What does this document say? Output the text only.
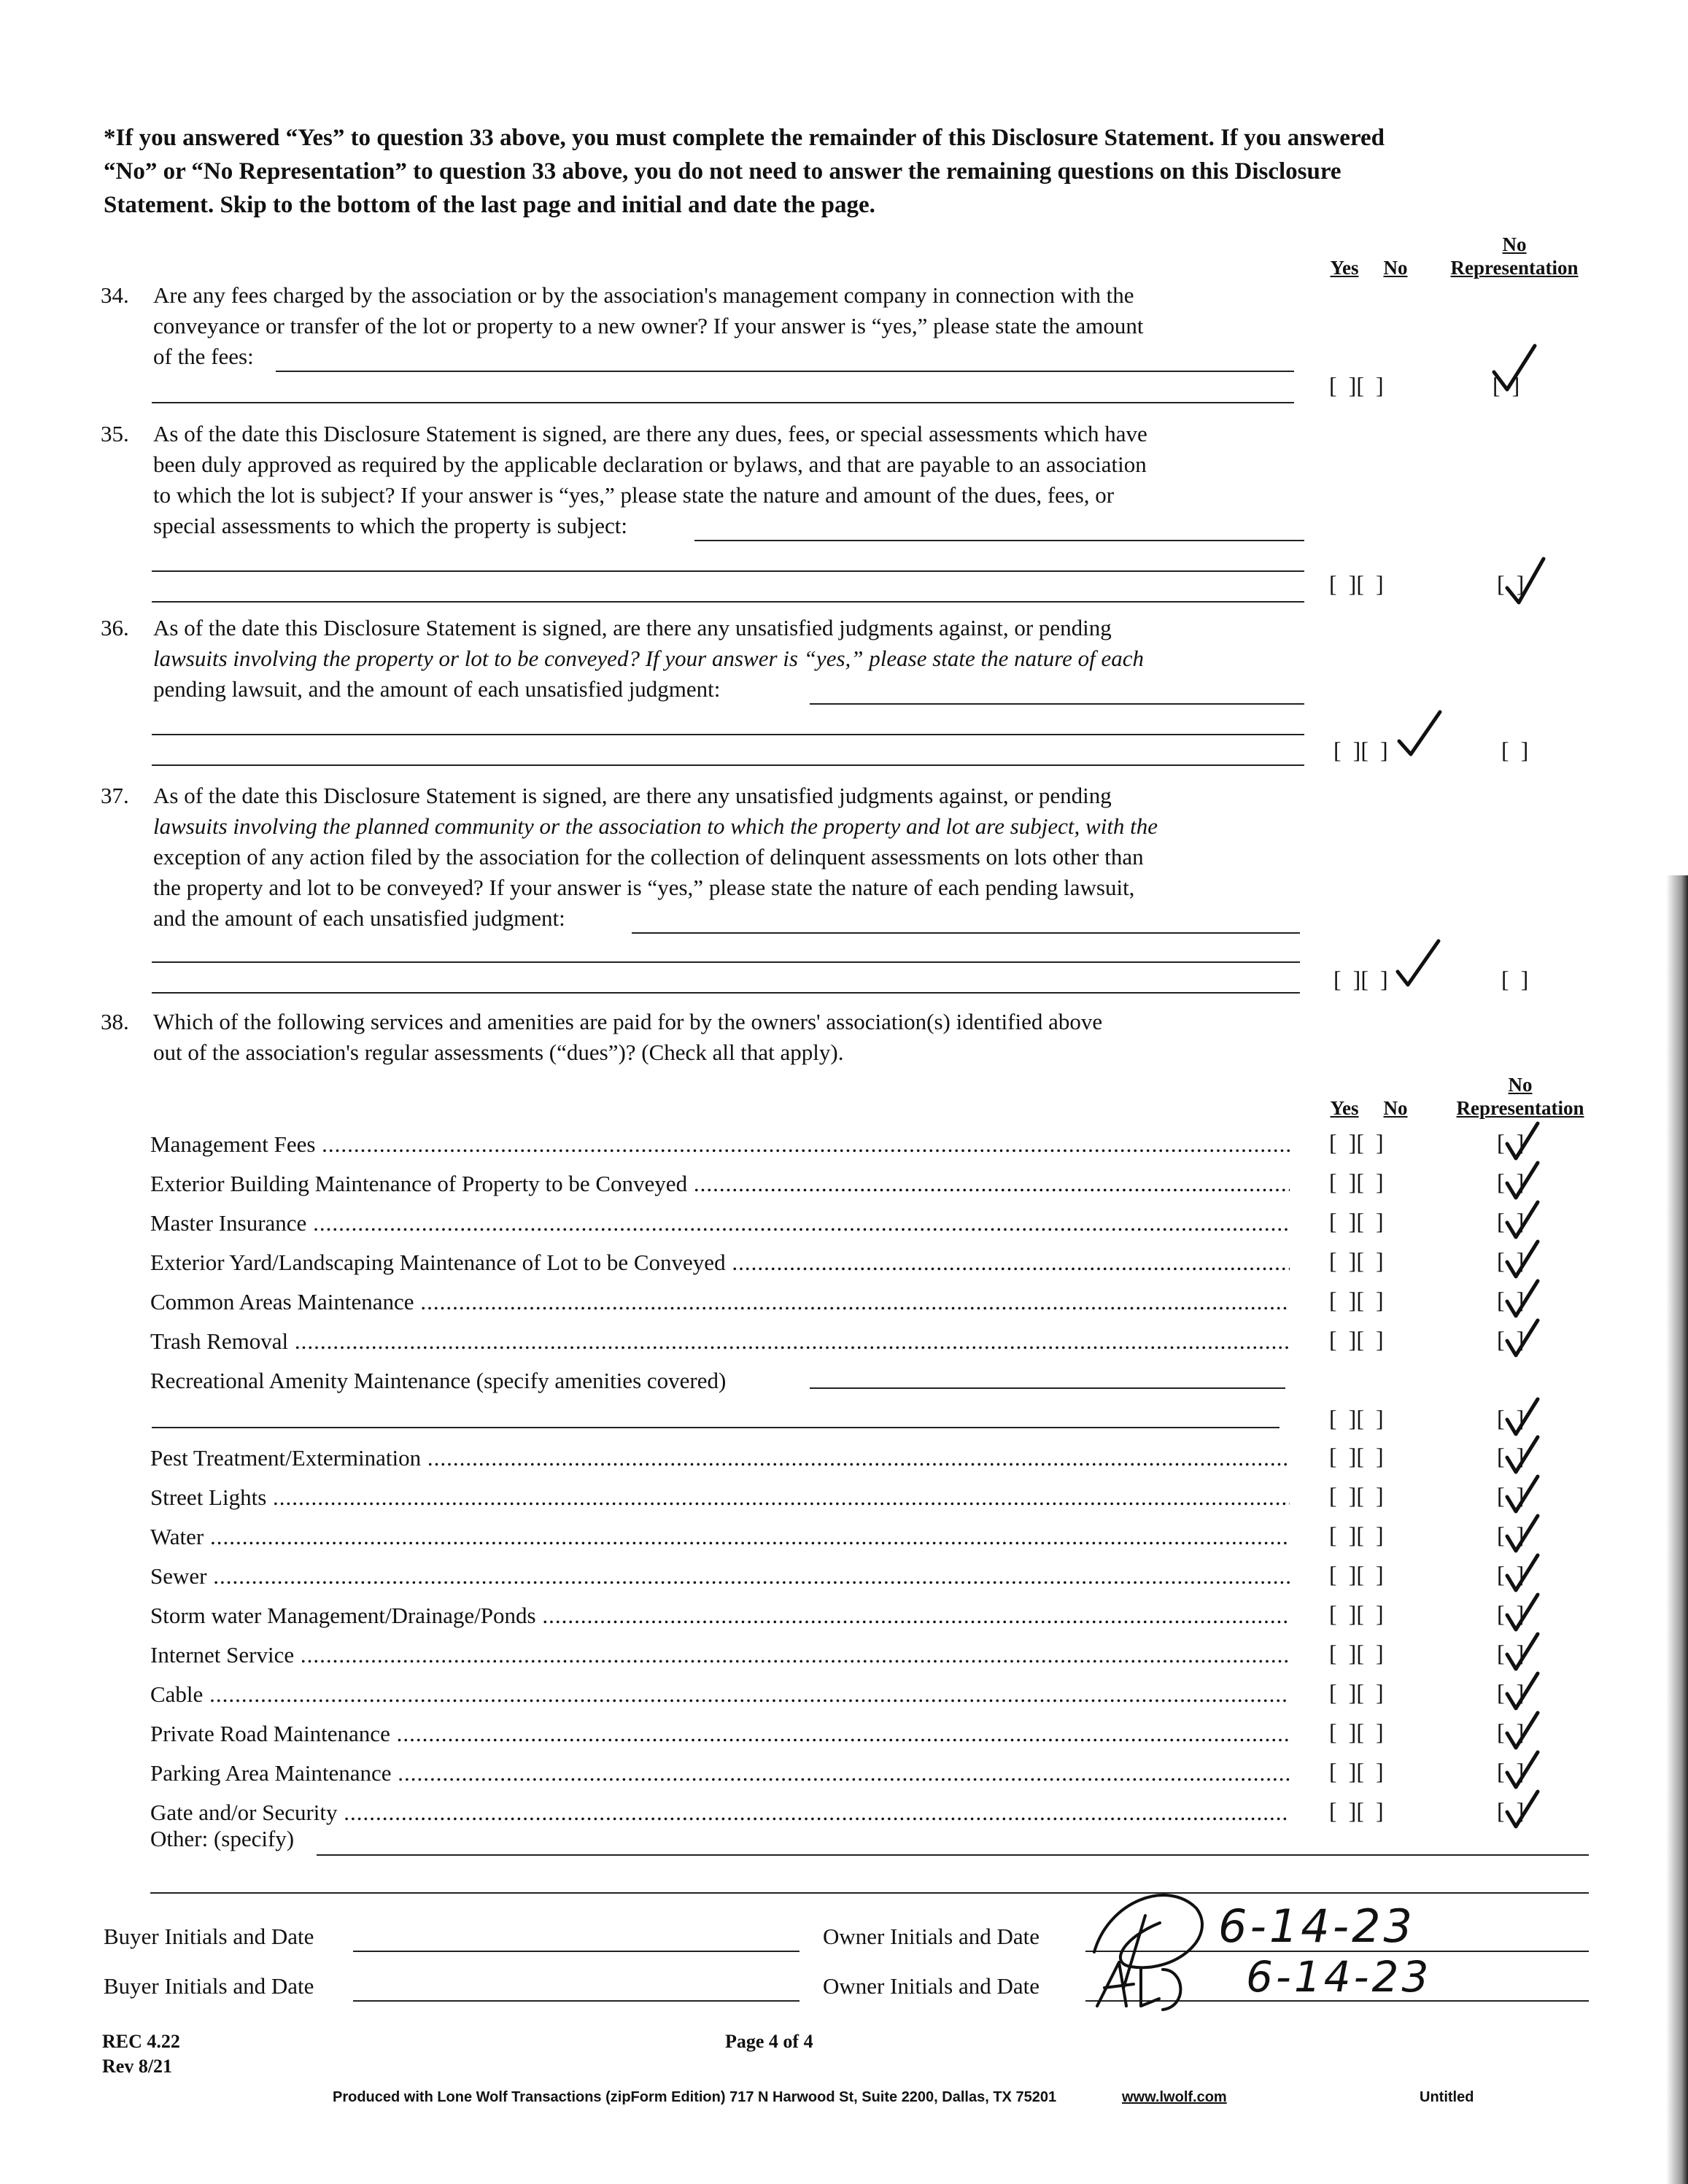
*If you answered “Yes” to question 33 above, you must complete the remainder of this Disclosure Statement. If you answered

“No” or “No Representation” to question 33 above, you do not need to answer the remaining questions on this Disclosure

Statement. Skip to the bottom of the last page and initial and date the page.

Yes	No
No
Representation
34.	Are any fees charged by the association or by the association's management company in connection with the
conveyance or transfer of the lot or property to a new owner? If your answer is “yes,” please state the amount
of the fees:
[  ][  ]	[  ]
35.	As of the date this Disclosure Statement is signed, are there any dues, fees, or special assessments which have
been duly approved as required by the applicable declaration or bylaws, and that are payable to an association
to which the lot is subject? If your answer is “yes,” please state the nature and amount of the dues, fees, or
special assessments to which the property is subject:
[  ][  ]	[  ]
36.	As of the date this Disclosure Statement is signed, are there any unsatisfied judgments against, or pending
lawsuits involving the property or lot to be conveyed? If your answer is “yes,” please state the nature of each
pending lawsuit, and the amount of each unsatisfied judgment:
[  ][  ]	[  ]
37.	As of the date this Disclosure Statement is signed, are there any unsatisfied judgments against, or pending
lawsuits involving the planned community or the association to which the property and lot are subject, with the
exception of any action filed by the association for the collection of delinquent assessments on lots other than
the property and lot to be conveyed? If your answer is “yes,” please state the nature of each pending lawsuit,
and the amount of each unsatisfied judgment:
[  ][  ]	[  ]
38.	Which of the following services and amenities are paid for by the owners' association(s) identified above
out of the association's regular assessments (“dues”)? (Check all that apply).
Yes	No
No
Representation
Management Fees .....	[  ][  ]	[  ]
Exterior Building Maintenance of Property to be Conveyed .....	[  ][  ]	[  ]
Master Insurance .....	[  ][  ]	[  ]
Exterior Yard/Landscaping Maintenance of Lot to be Conveyed .....	[  ][  ]	[  ]
Common Areas Maintenance .....	[  ][  ]	[  ]
Trash Removal .....	[  ][  ]	[  ]
Recreational Amenity Maintenance (specify amenities covered)
[  ][  ]	[  ]
Pest Treatment/Extermination .....	[  ][  ]	[  ]
Street Lights .....	[  ][  ]	[  ]
Water .....	[  ][  ]	[  ]
Sewer .....	[  ][  ]	[  ]
Storm water Management/Drainage/Ponds .....	[  ][  ]	[  ]
Internet Service .....	[  ][  ]	[  ]
Cable .....	[  ][  ]	[  ]
Private Road Maintenance .....	[  ][  ]	[  ]
Parking Area Maintenance .....	[  ][  ]	[  ]
Gate and/or Security .....	[  ][  ]	[  ]
Other: (specify)
Buyer Initials and Date	Owner Initials and Date
Buyer Initials and Date	Owner Initials and Date
6-14-23
6-14-23
REC 4.22
Rev 8/21
Page 4 of 4
Produced with Lone Wolf Transactions (zipForm Edition) 717 N Harwood St, Suite 2200, Dallas, TX 75201	www.lwolf.com	Untitled
